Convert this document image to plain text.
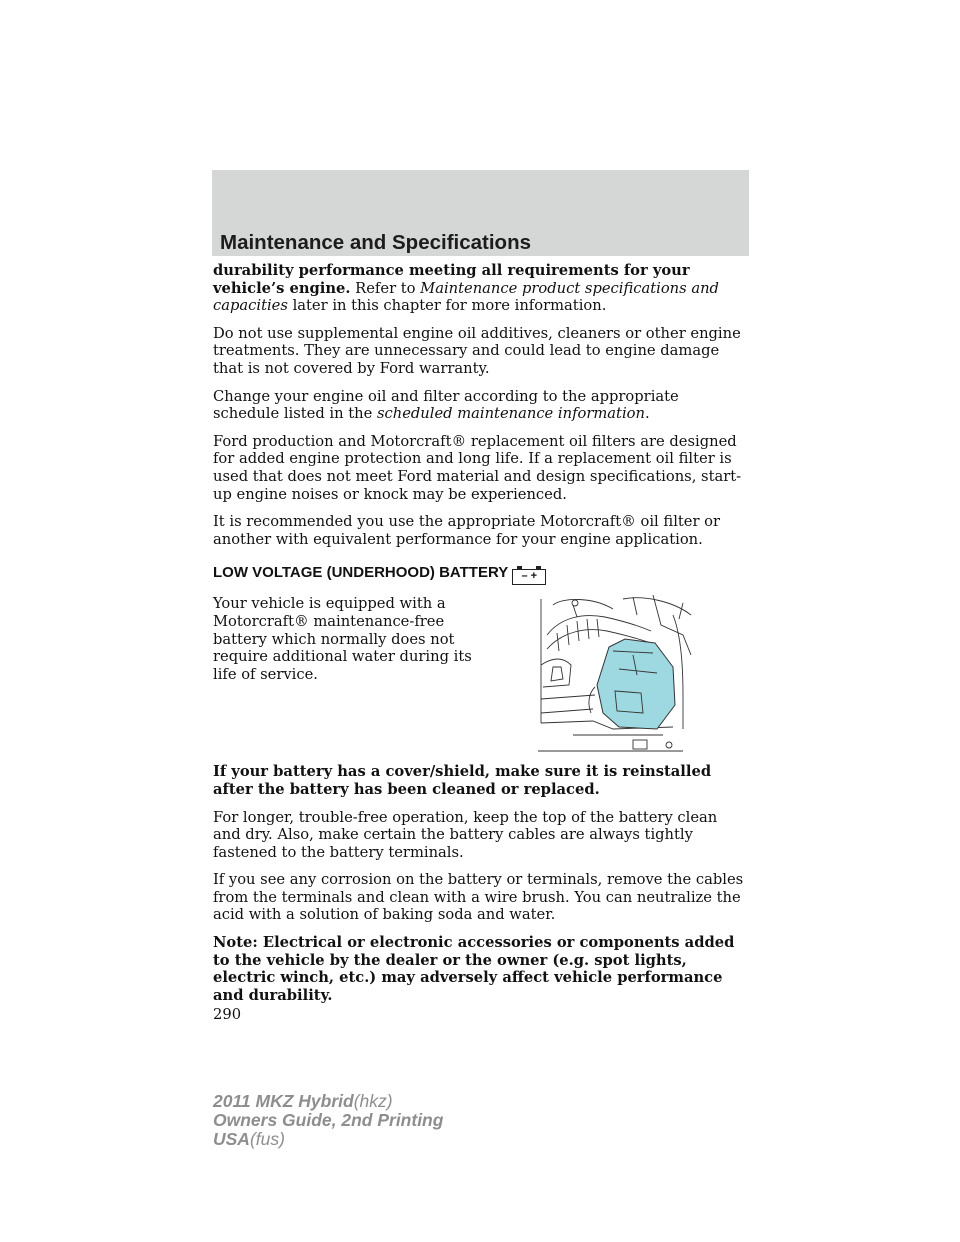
Maintenance and Specifications

durability performance meeting all requirements for your vehicle’s engine. Refer to Maintenance product specifications and capacities later in this chapter for more information.

Do not use supplemental engine oil additives, cleaners or other engine treatments. They are unnecessary and could lead to engine damage that is not covered by Ford warranty.

Change your engine oil and filter according to the appropriate schedule listed in the scheduled maintenance information.

Ford production and Motorcraft® replacement oil filters are designed for added engine protection and long life. If a replacement oil filter is used that does not meet Ford material and design specifications, start-up engine noises or knock may be experienced.

It is recommended you use the appropriate Motorcraft® oil filter or another with equivalent performance for your engine application.

LOW VOLTAGE (UNDERHOOD) BATTERY – +

Your vehicle is equipped with a Motorcraft® maintenance-free battery which normally does not require additional water during its life of service.

If your battery has a cover/shield, make sure it is reinstalled after the battery has been cleaned or replaced.

For longer, trouble-free operation, keep the top of the battery clean and dry. Also, make certain the battery cables are always tightly fastened to the battery terminals.

If you see any corrosion on the battery or terminals, remove the cables from the terminals and clean with a wire brush. You can neutralize the acid with a solution of baking soda and water.

Note: Electrical or electronic accessories or components added to the vehicle by the dealer or the owner (e.g. spot lights, electric winch, etc.) may adversely affect vehicle performance and durability.

290
2011 MKZ Hybrid(hkz)
Owners Guide, 2nd Printing
USA(fus)
